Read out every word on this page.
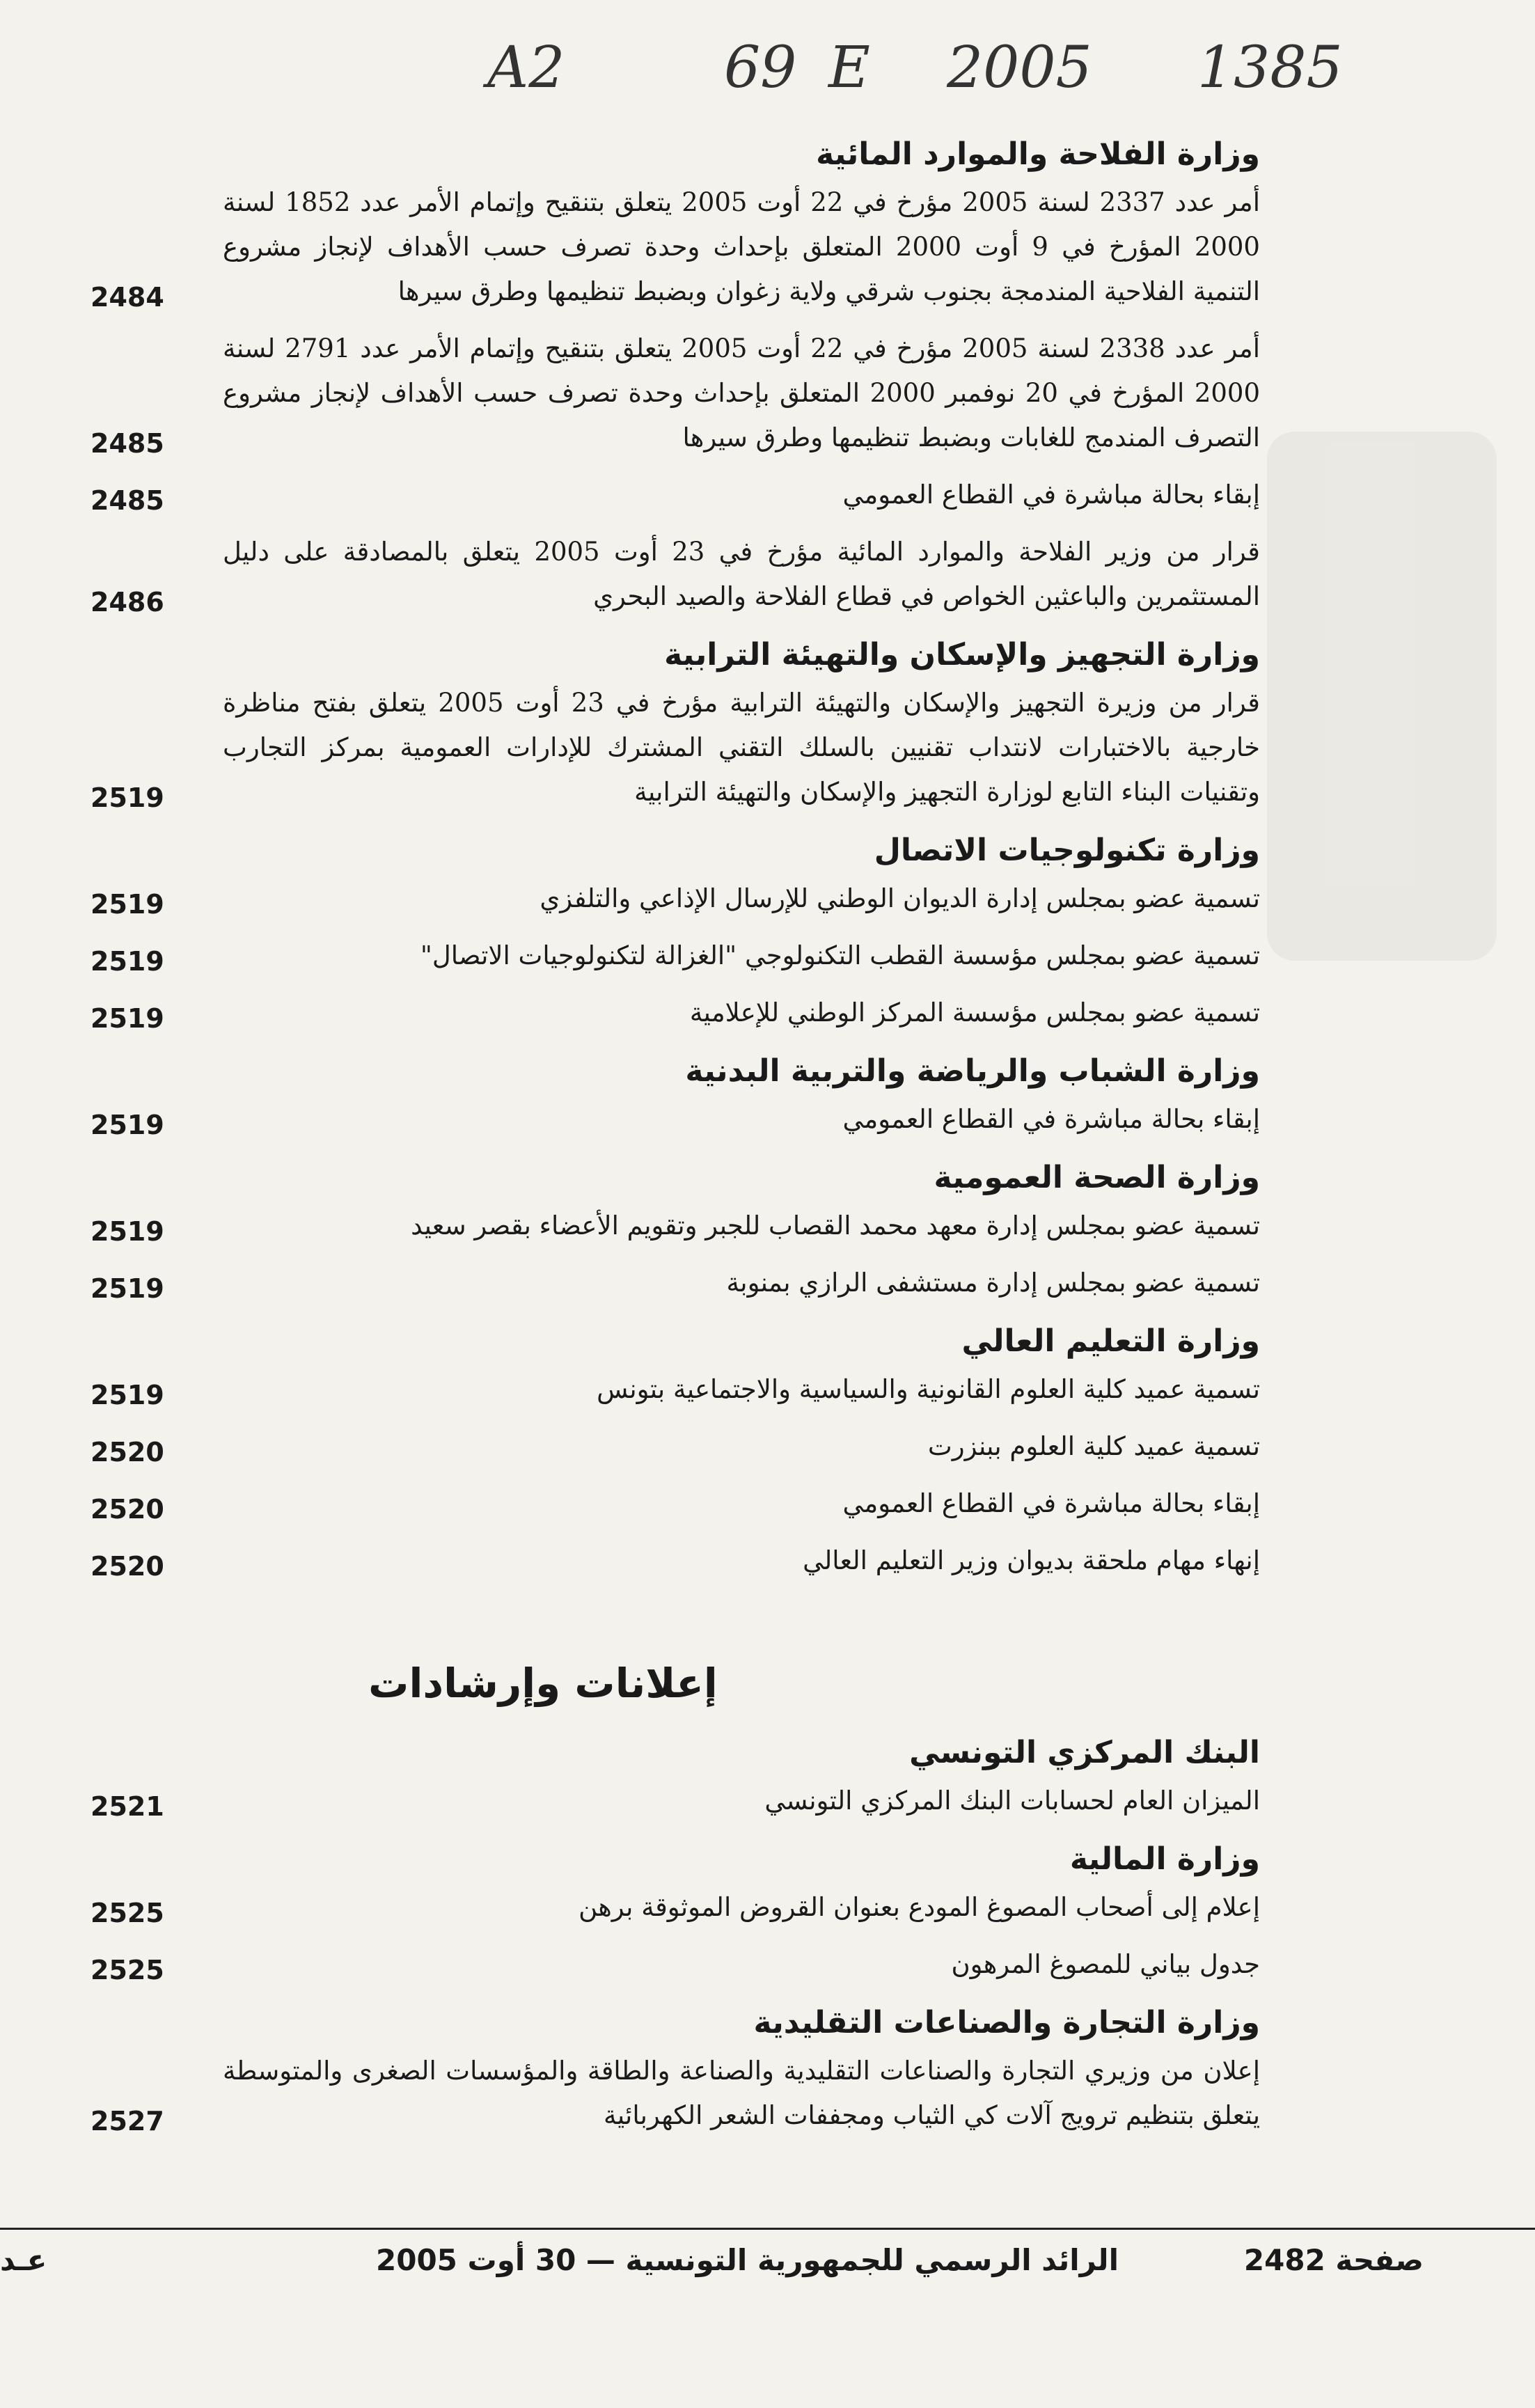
A2	69 E 2005 1385
وزارة الفلاحة والموارد المائية
أمر عدد 2337 لسنة 2005 مؤرخ في 22 أوت 2005 يتعلق بتنقيح وإتمام الأمر عدد 1852 لسنة 2000 المؤرخ في 9 أوت 2000 المتعلق بإحداث وحدة تصرف حسب الأهداف لإنجاز مشروع التنمية الفلاحية المندمجة بجنوب شرقي ولاية زغوان وبضبط تنظيمها وطرق سيرها
2484
أمر عدد 2338 لسنة 2005 مؤرخ في 22 أوت 2005 يتعلق بتنقيح وإتمام الأمر عدد 2791 لسنة 2000 المؤرخ في 20 نوفمبر 2000 المتعلق بإحداث وحدة تصرف حسب الأهداف لإنجاز مشروع التصرف المندمج للغابات وبضبط تنظيمها وطرق سيرها
2485
إبقاء بحالة مباشرة في القطاع العمومي
2485
قرار من وزير الفلاحة والموارد المائية مؤرخ في 23 أوت 2005 يتعلق بالمصادقة على دليل المستثمرين والباعثين الخواص في قطاع الفلاحة والصيد البحري
2486
وزارة التجهيز والإسكان والتهيئة الترابية
قرار من وزيرة التجهيز والإسكان والتهيئة الترابية مؤرخ في 23 أوت 2005 يتعلق بفتح مناظرة خارجية بالاختبارات لانتداب تقنيين بالسلك التقني المشترك للإدارات العمومية بمركز التجارب وتقنيات البناء التابع لوزارة التجهيز والإسكان والتهيئة الترابية
2519
وزارة تكنولوجيات الاتصال
تسمية عضو بمجلس إدارة الديوان الوطني للإرسال الإذاعي والتلفزي
2519
تسمية عضو بمجلس مؤسسة القطب التكنولوجي "الغزالة لتكنولوجيات الاتصال"
2519
تسمية عضو بمجلس مؤسسة المركز الوطني للإعلامية
2519
وزارة الشباب والرياضة والتربية البدنية
إبقاء بحالة مباشرة في القطاع العمومي
2519
وزارة الصحة العمومية
تسمية عضو بمجلس إدارة معهد محمد القصاب للجبر وتقويم الأعضاء بقصر سعيد
2519
تسمية عضو بمجلس إدارة مستشفى الرازي بمنوبة
2519
وزارة التعليم العالي
تسمية عميد كلية العلوم القانونية والسياسية والاجتماعية بتونس
2519
تسمية عميد كلية العلوم ببنزرت
2520
إبقاء بحالة مباشرة في القطاع العمومي
2520
إنهاء مهام ملحقة بديوان وزير التعليم العالي
2520
إعلانات وإرشادات
البنك المركزي التونسي
الميزان العام لحسابات البنك المركزي التونسي
2521
وزارة المالية
إعلام إلى أصحاب المصوغ المودع بعنوان القروض الموثوقة برهن
2525
جدول بياني للمصوغ المرهون
2525
وزارة التجارة والصناعات التقليدية
إعلان من وزيري التجارة والصناعات التقليدية والصناعة والطاقة والمؤسسات الصغرى والمتوسطة يتعلق بتنظيم ترويج آلات كي الثياب ومجففات الشعر الكهربائية
2527
صفحة 2482
الرائد الرسمي للجمهورية التونسية — 30 أوت 2005
عـد
